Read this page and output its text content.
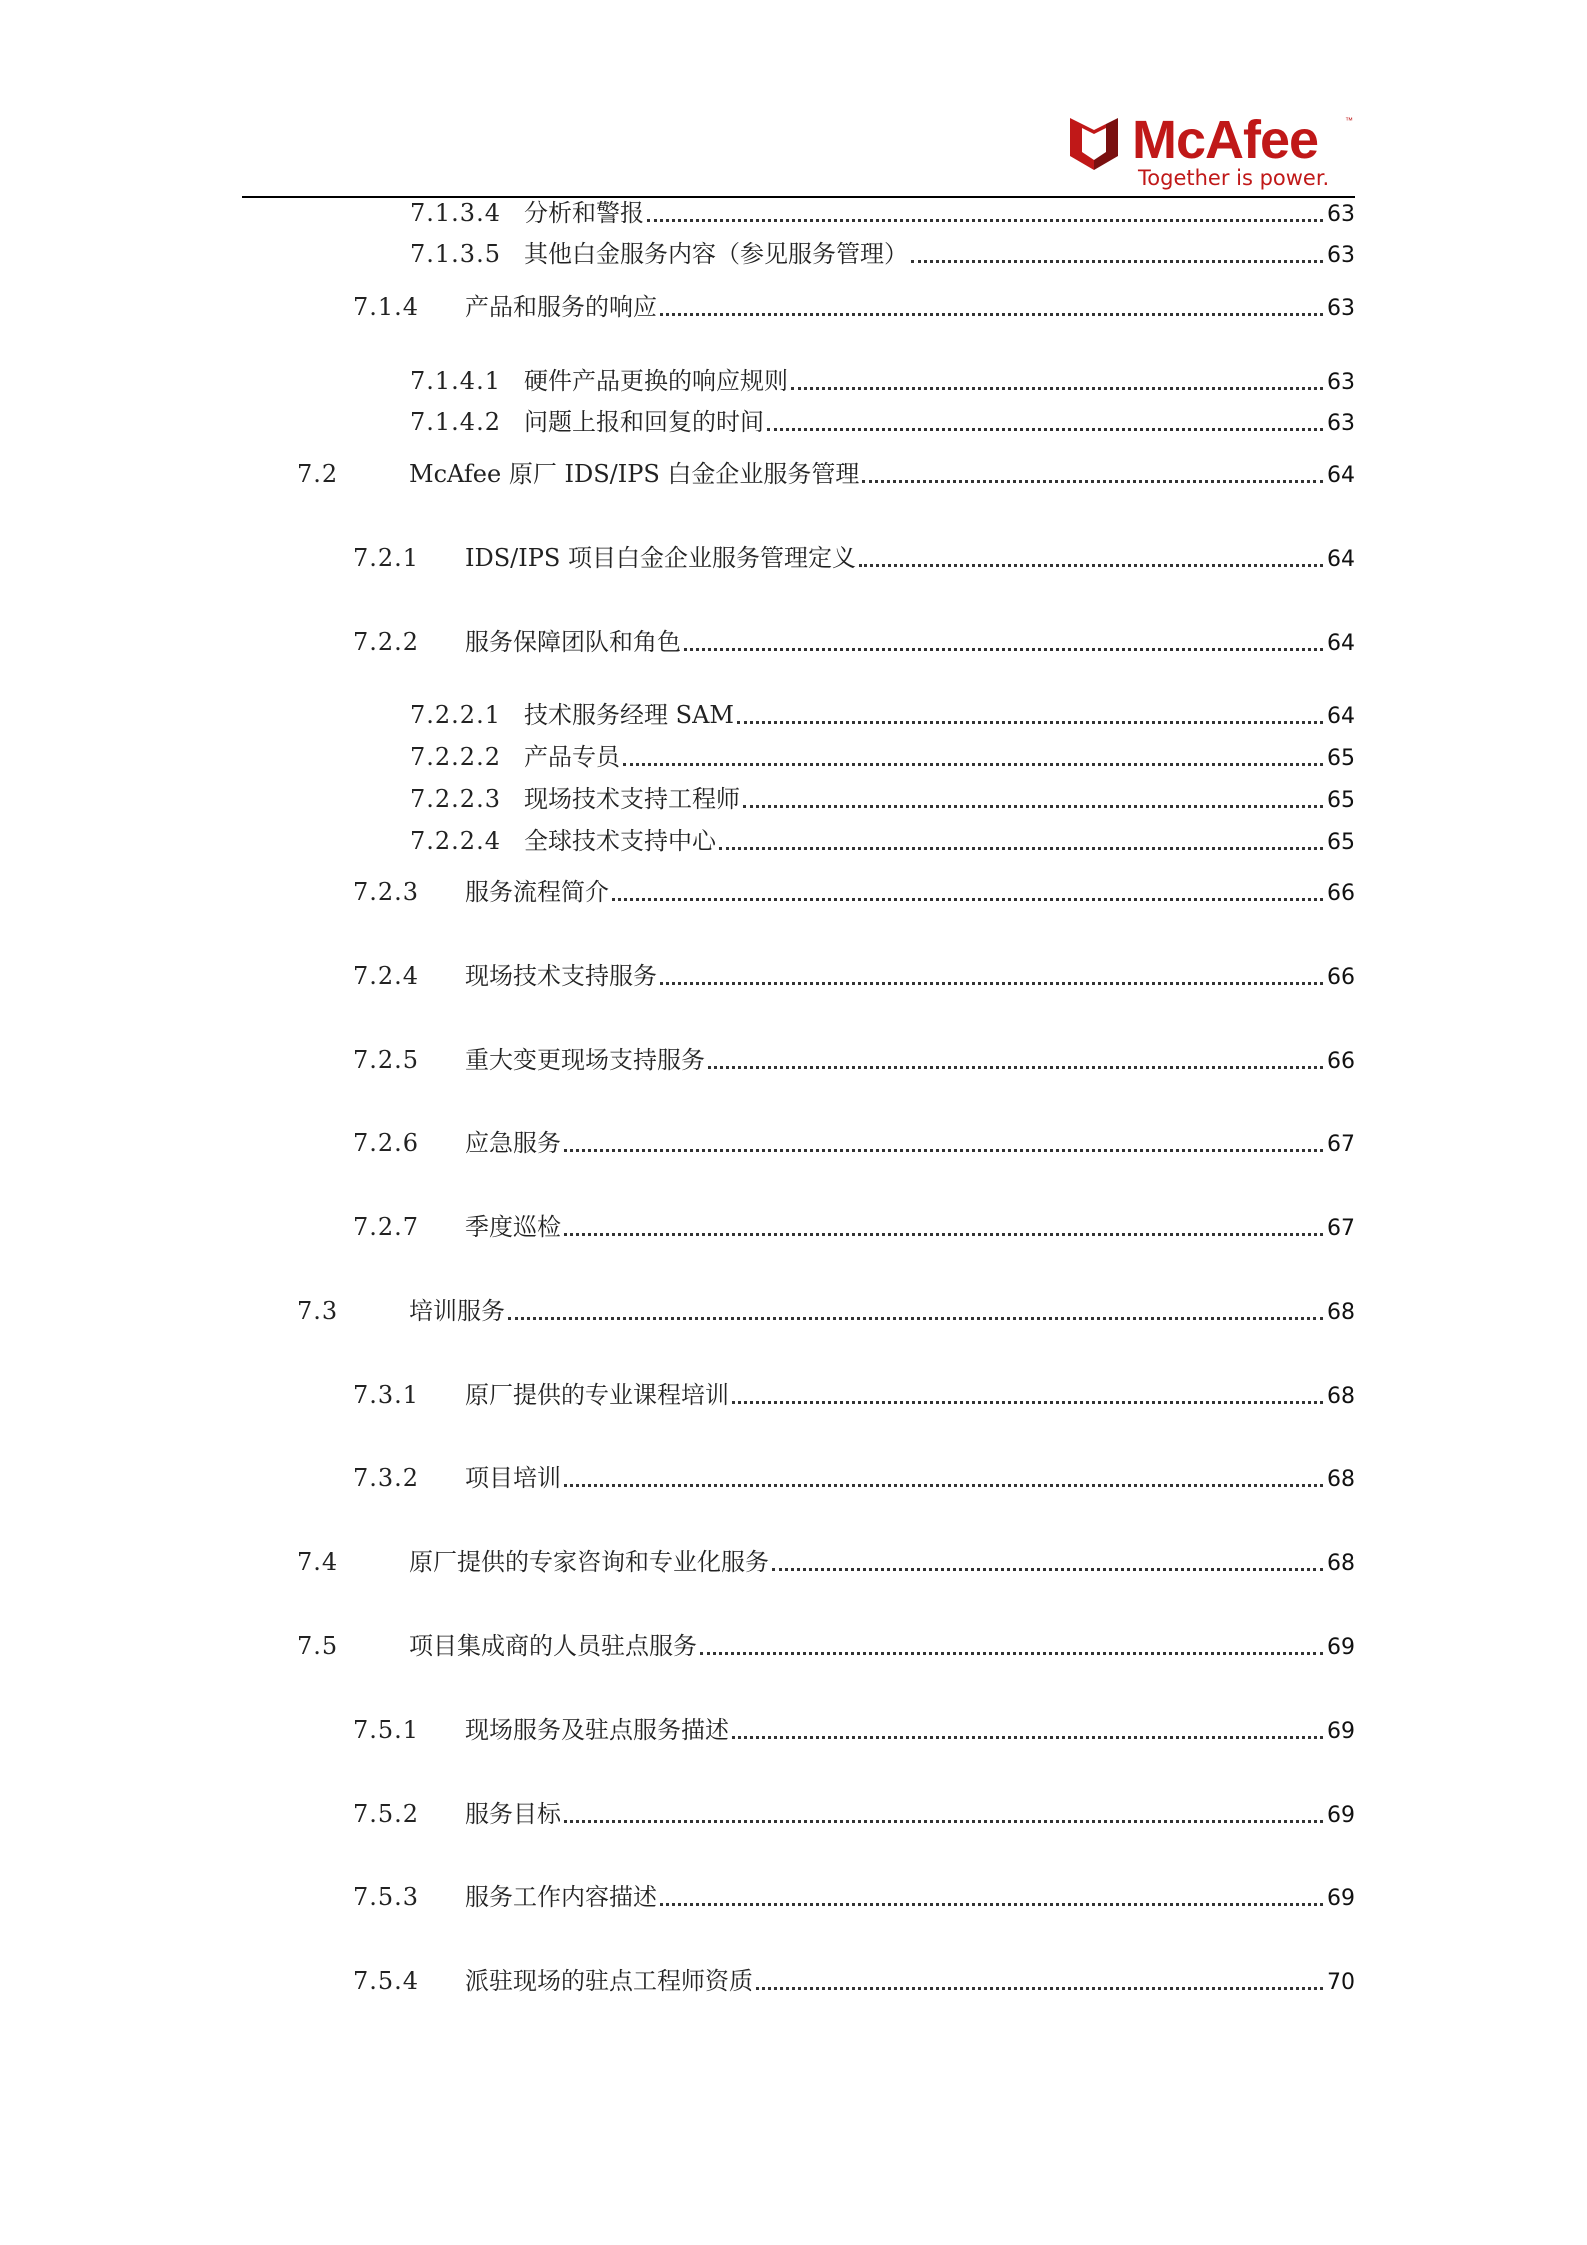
McAfee	™
Together is power.
7.1.3.4 分析和警报	63
7.1.3.5 其他白金服务内容（参见服务管理）	63
7.1.4	产品和服务的响应	63
7.1.4.1 硬件产品更换的响应规则	63
7.1.4.2 问题上报和回复的时间	63
7.2	McAfee 原厂 IDS/IPS 白金企业服务管理	64
7.2.1	IDS/IPS 项目白金企业服务管理定义	64
7.2.2	服务保障团队和角色	64
7.2.2.1 技术服务经理 SAM	64
7.2.2.2 产品专员	65
7.2.2.3 现场技术支持工程师	65
7.2.2.4 全球技术支持中心	65
7.2.3	服务流程简介	66
7.2.4	现场技术支持服务	66
7.2.5	重大变更现场支持服务	66
7.2.6	应急服务	67
7.2.7	季度巡检	67
7.3	培训服务	68
7.3.1	原厂提供的专业课程培训	68
7.3.2	项目培训	68
7.4	原厂提供的专家咨询和专业化服务	68
7.5	项目集成商的人员驻点服务	69
7.5.1	现场服务及驻点服务描述	69
7.5.2	服务目标	69
7.5.3	服务工作内容描述	69
7.5.4	派驻现场的驻点工程师资质	70
